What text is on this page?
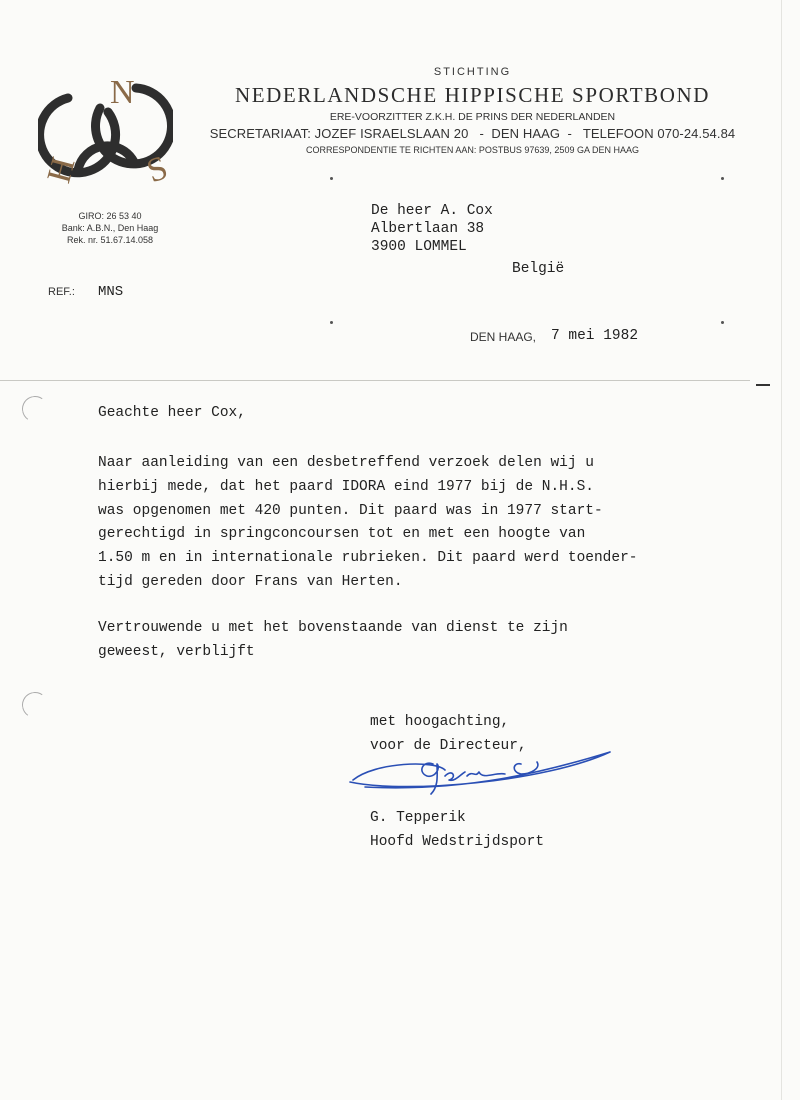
N
H S
STICHTING
NEDERLANDSCHE HIPPISCHE SPORTBOND
ERE-VOORZITTER Z.K.H. DE PRINS DER NEDERLANDEN
SECRETARIAAT: JOZEF ISRAELSLAAN 20   -  DEN HAAG  -   TELEFOON 070-24.54.84
CORRESPONDENTIE TE RICHTEN AAN: POSTBUS 97639, 2509 GA DEN HAAG
GIRO: 26 53 40
Bank: A.B.N., Den Haag
Rek. nr. 51.67.14.058
REF.: MNS
De heer A. Cox
Albertlaan 38
3900 LOMMEL
België
DEN HAAG, 7 mei 1982
Geachte heer Cox,
Naar aanleiding van een desbetreffend verzoek delen wij u
hierbij mede, dat het paard IDORA eind 1977 bij de N.H.S.
was opgenomen met 420 punten. Dit paard was in 1977 start-
gerechtigd in springconcoursen tot en met een hoogte van
1.50 m en in internationale rubrieken. Dit paard werd toender-
tijd gereden door Frans van Herten.
Vertrouwende u met het bovenstaande van dienst te zijn
geweest, verblijft
met hoogachting,
voor de Directeur,
G. Tepperik
Hoofd Wedstrijdsport
